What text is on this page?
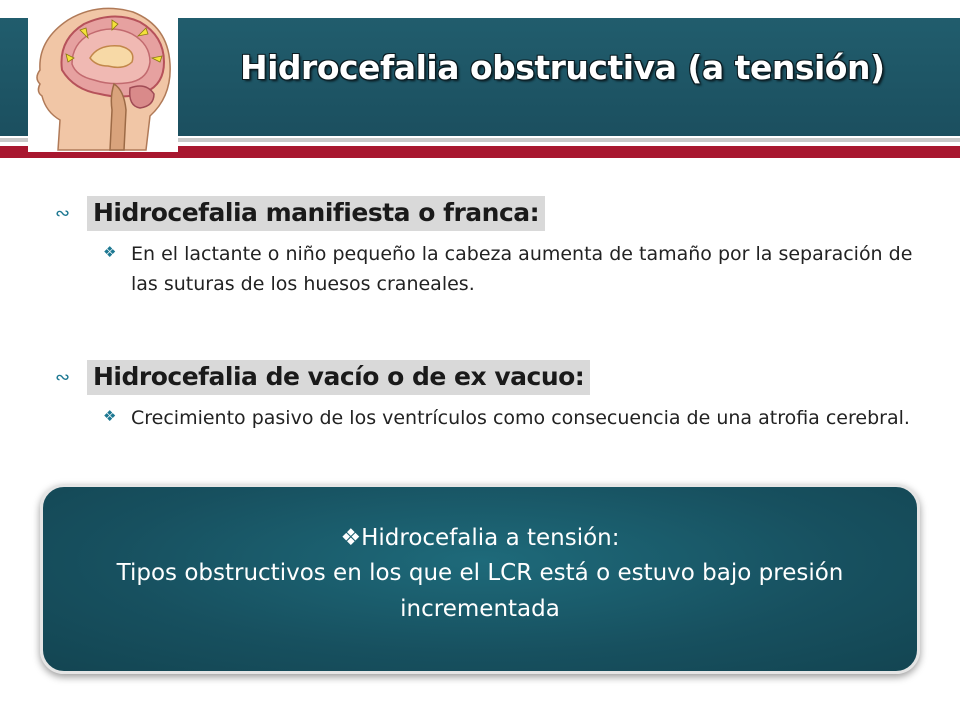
Hidrocefalia obstructiva (a tensión)
∾ Hidrocefalia manifiesta o franca:
❖ En el lactante o niño pequeño la cabeza aumenta de tamaño por la separación de las suturas de los huesos craneales.
∾ Hidrocefalia de vacío o de ex vacuo:
❖ Crecimiento pasivo de los ventrículos como consecuencia de una atrofia cerebral.
❖Hidrocefalia a tensión:
Tipos obstructivos en los que el LCR está o estuvo bajo presión incrementada
